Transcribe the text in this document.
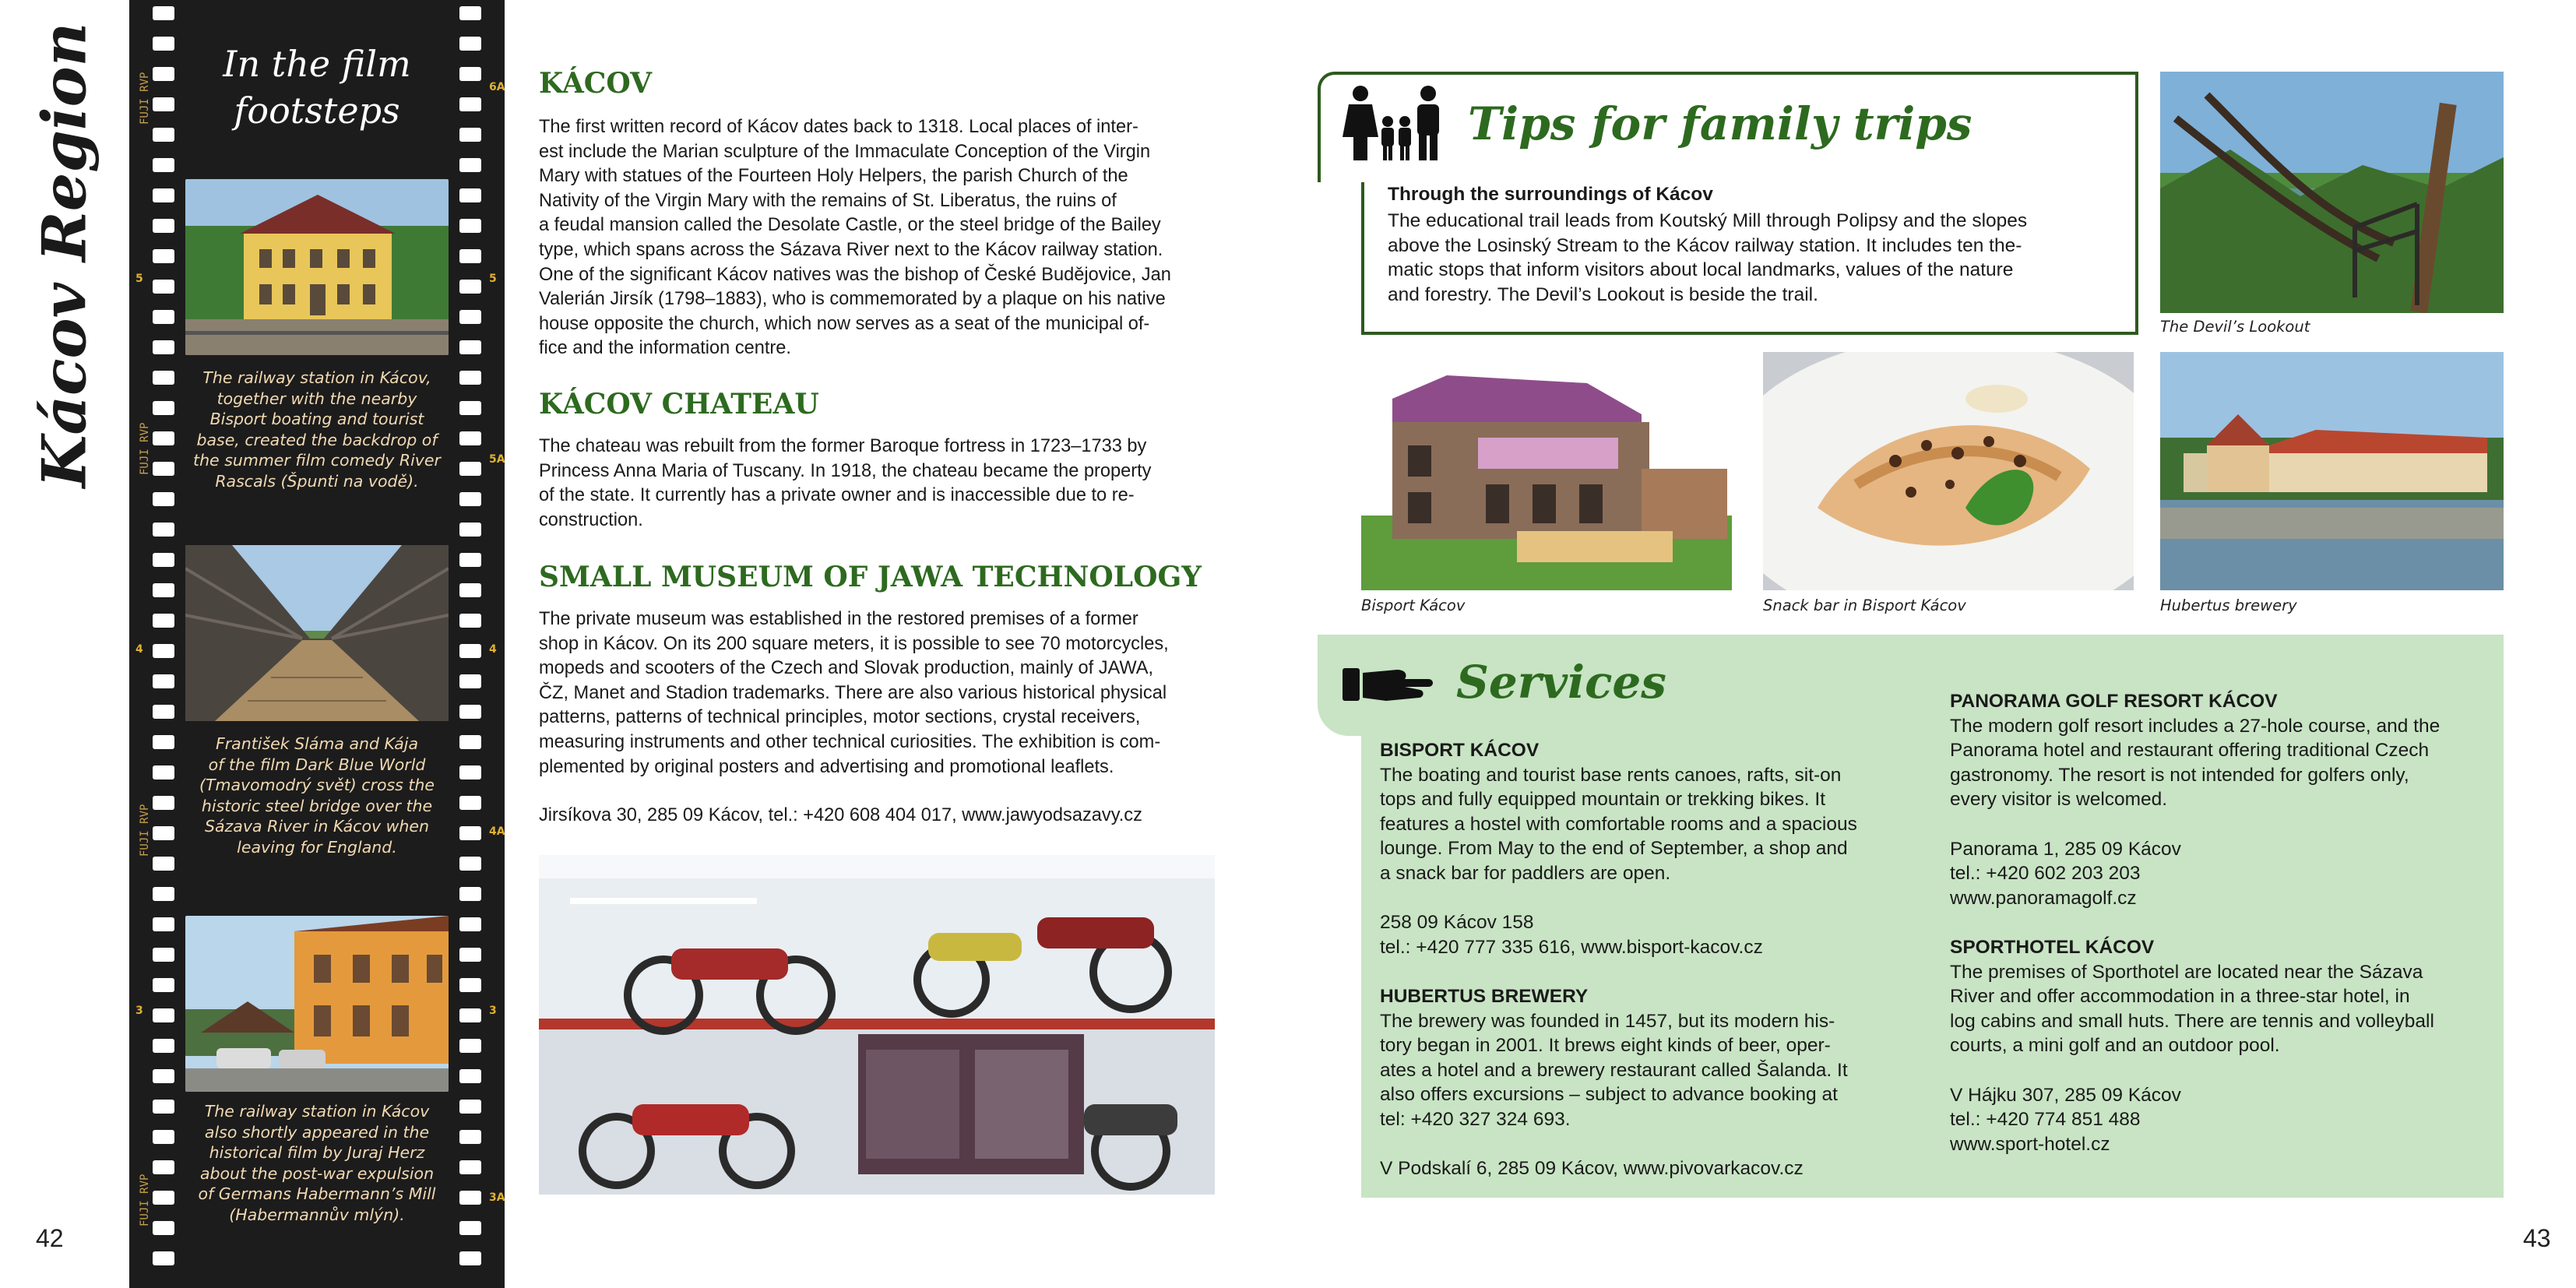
Kácov Region
42	43
FUJI RVP
FUJI RVP
FUJI RVP
FUJI RVP
6A
5	5
5A
4	4
4A
3	3
3A
In the film
footsteps
The railway station in Kácov,
together with the nearby
Bisport boating and tourist
base, created the backdrop of
the summer film comedy River
Rascals (Špunti na vodě).
František Sláma and Kája
of the film Dark Blue World
(Tmavomodrý svět) cross the
historic steel bridge over the
Sázava River in Kácov when
leaving for England.
The railway station in Kácov
also shortly appeared in the
historical film by Juraj Herz
about the post-war expulsion
of Germans Habermann’s Mill
(Habermannův mlýn).
KÁCOV
The first written record of Kácov dates back to 1318. Local places of inter-
est include the Marian sculpture of the Immaculate Conception of the Virgin
Mary with statues of the Fourteen Holy Helpers, the parish Church of the
Nativity of the Virgin Mary with the remains of St. Liberatus, the ruins of
a feudal mansion called the Desolate Castle, or the steel bridge of the Bailey
type, which spans across the Sázava River next to the Kácov railway station.
One of the significant Kácov natives was the bishop of České Budějovice, Jan
Valerián Jirsík (1798–1883), who is commemorated by a plaque on his native
house opposite the church, which now serves as a seat of the municipal of-
fice and the information centre.
KÁCOV CHATEAU
The chateau was rebuilt from the former Baroque fortress in 1723–1733 by
Princess Anna Maria of Tuscany. In 1918, the chateau became the property
of the state. It currently has a private owner and is inaccessible due to re-
construction.
SMALL MUSEUM OF JAWA TECHNOLOGY
The private museum was established in the restored premises of a former
shop in Kácov. On its 200 square meters, it is possible to see 70 motorcycles,
mopeds and scooters of the Czech and Slovak production, mainly of JAWA,
ČZ, Manet and Stadion trademarks. There are also various historical physical
patterns, patterns of technical principles, motor sections, crystal receivers,
measuring instruments and other technical curiosities. The exhibition is com-
plemented by original posters and advertising and promotional leaflets.
Jirsíkova 30, 285 09 Kácov, tel.: +420 608 404 017, www.jawyodsazavy.cz
Tips for family trips
Through the surroundings of Kácov
The educational trail leads from Koutský Mill through Polipsy and the slopes
above the Losinský Stream to the Kácov railway station. It includes ten the-
matic stops that inform visitors about local landmarks, values of the nature
and forestry. The Devil’s Lookout is beside the trail.
The Devil’s Lookout
Bisport Kácov	Snack bar in Bisport Kácov	Hubertus brewery
Services
BISPORT KÁCOV
The boating and tourist base rents canoes, rafts, sit-on
tops and fully equipped mountain or trekking bikes. It
features a hostel with comfortable rooms and a spacious
lounge. From May to the end of September, a shop and
a snack bar for paddlers are open.
258 09 Kácov 158
tel.: +420 777 335 616, www.bisport-kacov.cz
HUBERTUS BREWERY
The brewery was founded in 1457, but its modern his-
tory began in 2001. It brews eight kinds of beer, oper-
ates a hotel and a brewery restaurant called Šalanda. It
also offers excursions – subject to advance booking at
tel: +420 327 324 693.
V Podskalí 6, 285 09 Kácov, www.pivovarkacov.cz
PANORAMA GOLF RESORT KÁCOV
The modern golf resort includes a 27-hole course, and the
Panorama hotel and restaurant offering traditional Czech
gastronomy. The resort is not intended for golfers only,
every visitor is welcomed.
Panorama 1, 285 09 Kácov
tel.: +420 602 203 203
www.panoramagolf.cz
SPORTHOTEL KÁCOV
The premises of Sporthotel are located near the Sázava
River and offer accommodation in a three-star hotel, in
log cabins and small huts. There are tennis and volleyball
courts, a mini golf and an outdoor pool.
V Hájku 307, 285 09 Kácov
tel.: +420 774 851 488
www.sport-hotel.cz
